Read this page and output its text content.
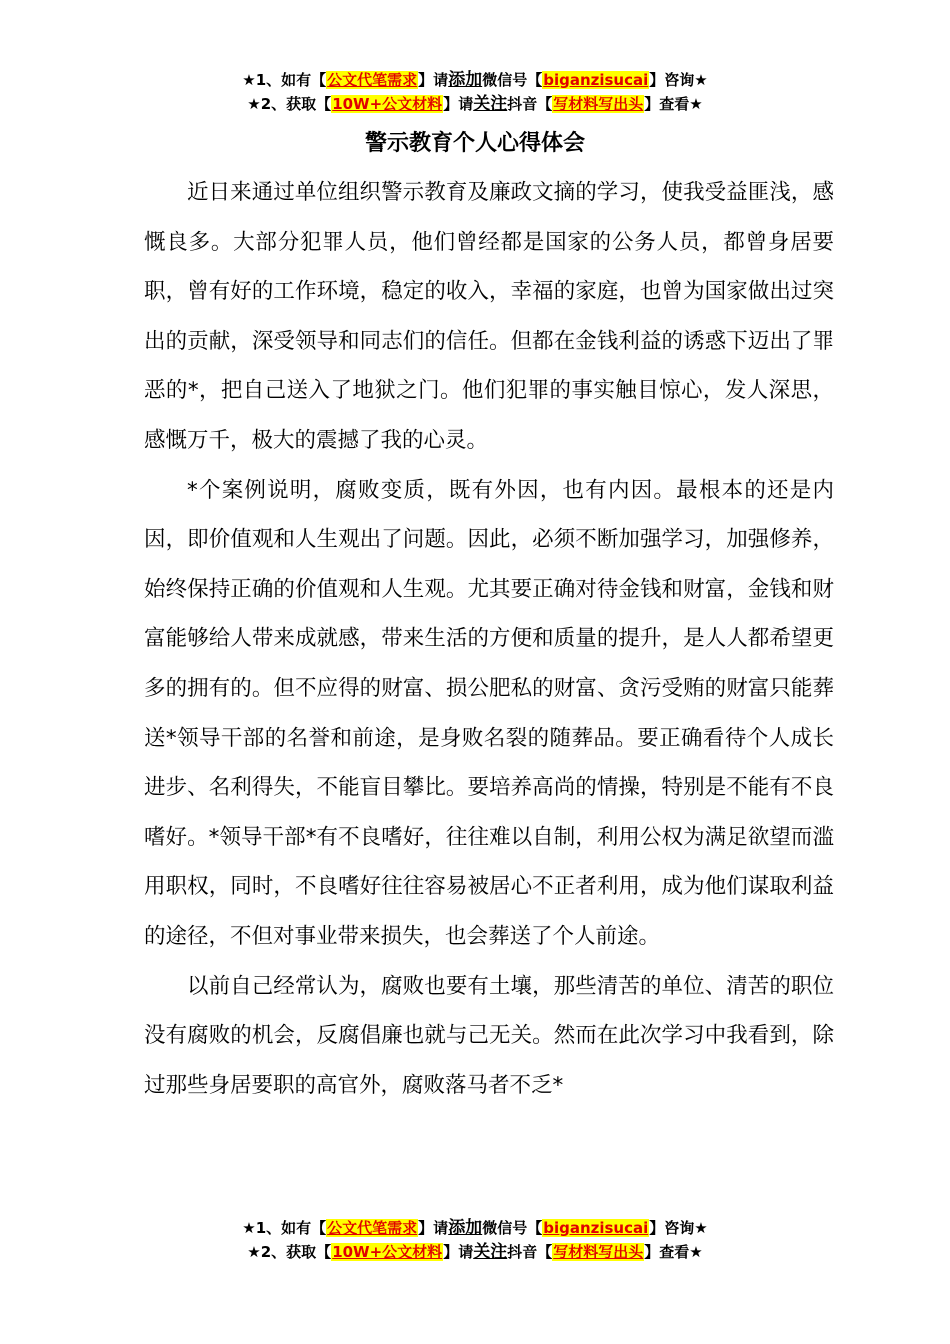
★1、如有【公文代笔需求】请添加微信号【biganzisucai】咨询★
★2、获取【10W+公文材料】请关注抖音【写材料写出头】查看★
警示教育个人心得体会

近日来通过单位组织警示教育及廉政文摘的学习，使我受益匪浅，感慨良多。大部分犯罪人员，他们曾经都是国家的公务人员，都曾身居要职，曾有好的工作环境，稳定的收入，幸福的家庭，也曾为国家做出过突出的贡献，深受领导和同志们的信任。但都在金钱利益的诱惑下迈出了罪恶的*，把自己送入了地狱之门。他们犯罪的事实触目惊心，发人深思，感慨万千，极大的震撼了我的心灵。

*个案例说明，腐败变质，既有外因，也有内因。最根本的还是内因，即价值观和人生观出了问题。因此，必须不断加强学习，加强修养，始终保持正确的价值观和人生观。尤其要正确对待金钱和财富，金钱和财富能够给人带来成就感，带来生活的方便和质量的提升，是人人都希望更多的拥有的。但不应得的财富、损公肥私的财富、贪污受贿的财富只能葬送*领导干部的名誉和前途，是身败名裂的随葬品。要正确看待个人成长进步、名利得失，不能盲目攀比。要培养高尚的情操，特别是不能有不良嗜好。*领导干部*有不良嗜好，往往难以自制，利用公权为满足欲望而滥用职权，同时，不良嗜好往往容易被居心不正者利用，成为他们谋取利益的途径，不但对事业带来损失，也会葬送了个人前途。

以前自己经常认为，腐败也要有土壤，那些清苦的单位、清苦的职位没有腐败的机会，反腐倡廉也就与己无关。然而在此次学习中我看到，除过那些身居要职的高官外，腐败落马者不乏*

★1、如有【公文代笔需求】请添加微信号【biganzisucai】咨询★
★2、获取【10W+公文材料】请关注抖音【写材料写出头】查看★
